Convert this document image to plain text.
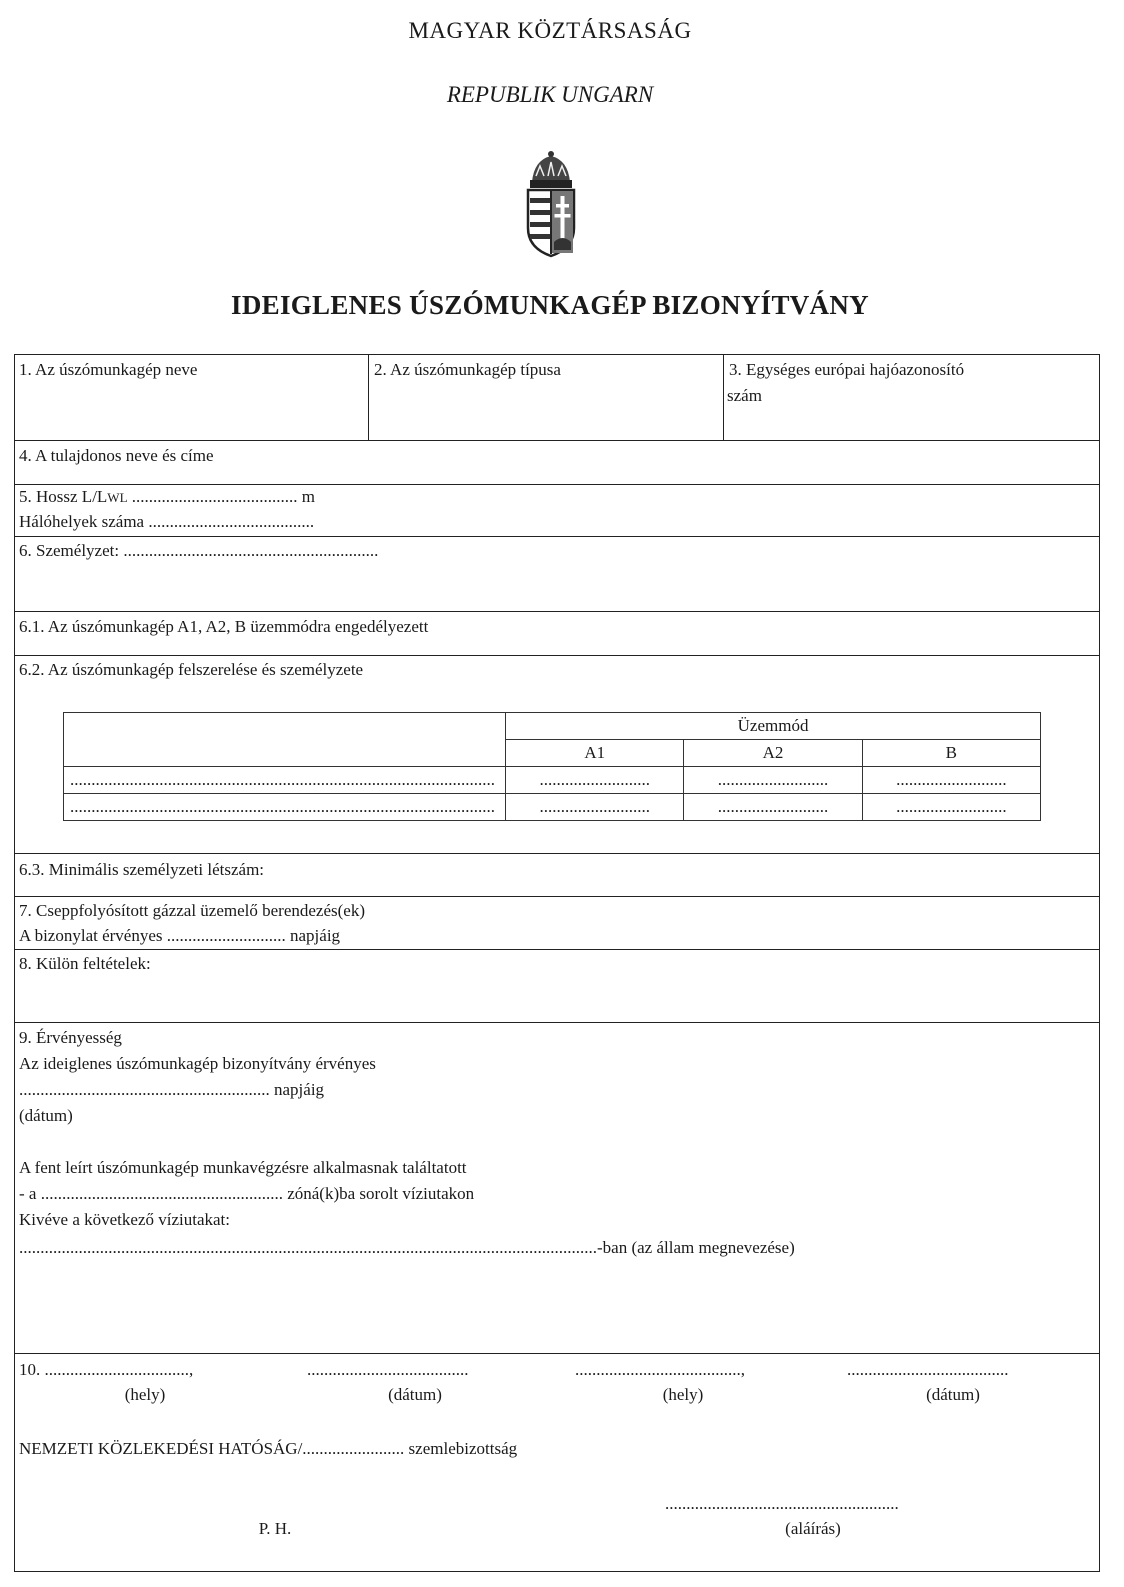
MAGYAR KÖZTÁRSASÁG
REPUBLIK UNGARN
IDEIGLENES ÚSZÓMUNKAGÉP BIZONYÍTVÁNY
1. Az úszómunkagép neve	2. Az úszómunkagép típusa	3. Egységes európai hajóazonosító
szám
4. A tulajdonos neve és címe
5. Hossz L/LWL ....................................... m
Hálóhelyek száma .......................................
6. Személyzet: ............................................................
6.1. Az úszómunkagép A1, A2, B üzemmódra engedélyezett
6.2. Az úszómunkagép felszerelése és személyzete
	Üzemmód		
	A1	A2	B
....................................................................................................	..........................	..........................	..........................
....................................................................................................	..........................	..........................	..........................
6.3. Minimális személyzeti létszám:
7. Cseppfolyósított gázzal üzemelő berendezés(ek)
A bizonylat érvényes ............................ napjáig
8. Külön feltételek:
9. Érvényesség
Az ideiglenes úszómunkagép bizonyítvány érvényes
........................................................... napjáig
(dátum)
A fent leírt úszómunkagép munkavégzésre alkalmasnak találtatott
- a ......................................................... zóná(k)ba sorolt víziutakon
Kivéve a következő víziutakat:
........................................................................................................................................-ban (az állam megnevezése)
10. ..................................,	......................................	.......................................,	......................................
(hely)	(dátum)	(hely)	(dátum)
NEMZETI KÖZLEKEDÉSI HATÓSÁG/........................ szemlebizottság
.......................................................
P. H.	(aláírás)
